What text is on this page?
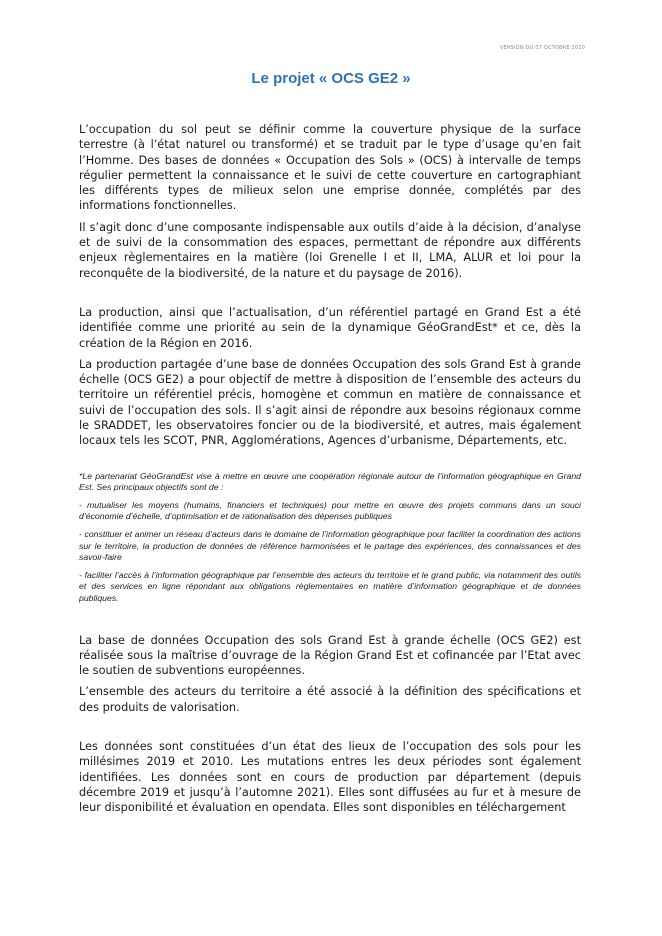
VERSION DU 07 OCTOBRE 2020
Le projet « OCS GE2 »

L’occupation du sol peut se définir comme la couverture physique de la surface terrestre (à l’état naturel ou transformé) et se traduit par le type d’usage qu’en fait l’Homme. Des bases de données « Occupation des Sols » (OCS) à intervalle de temps régulier permettent la connaissance et le suivi de cette couverture en cartographiant les différents types de milieux selon une emprise donnée, complétés par des informations fonctionnelles.

Il s’agit donc d’une composante indispensable aux outils d’aide à la décision, d’analyse et de suivi de la consommation des espaces, permettant de répondre aux différents enjeux règlementaires en la matière (loi Grenelle I et II, LMA, ALUR et loi pour la reconquête de la biodiversité, de la nature et du paysage de 2016).

La production, ainsi que l’actualisation, d’un référentiel partagé en Grand Est a été identifiée comme une priorité au sein de la dynamique GéoGrandEst* et ce, dès la création de la Région en 2016.

La production partagée d’une base de données Occupation des sols Grand Est à grande échelle (OCS GE2) a pour objectif de mettre à disposition de l’ensemble des acteurs du territoire un référentiel précis, homogène et commun en matière de connaissance et suivi de l’occupation des sols. Il s’agit ainsi de répondre aux besoins régionaux comme le SRADDET, les observatoires foncier ou de la biodiversité, et autres, mais également locaux tels les SCOT, PNR, Agglomérations, Agences d’urbanisme, Départements, etc.

*Le partenariat GéoGrandEst vise à mettre en œuvre une coopération régionale autour de l’information géographique en Grand Est. Ses principaux objectifs sont de :

- mutualiser les moyens (humains, financiers et techniques) pour mettre en œuvre des projets communs dans un souci d’économie d’échelle, d’optimisation et de rationalisation des dépenses publiques

- constituer et animer un réseau d’acteurs dans le domaine de l’information géographique pour faciliter la coordination des actions sur le territoire, la production de données de référence harmonisées et le partage des expériences, des connaissances et des savoir-faire

- faciliter l’accès à l’information géographique par l’ensemble des acteurs du territoire et le grand public, via notamment des outils et des services en ligne répondant aux obligations règlementaires en matière d’information géographique et de données publiques.

La base de données Occupation des sols Grand Est à grande échelle (OCS GE2) est réalisée sous la maîtrise d’ouvrage de la Région Grand Est et cofinancée par l’Etat avec le soutien de subventions européennes.

L’ensemble des acteurs du territoire a été associé à la définition des spécifications et des produits de valorisation.

Les données sont constituées d’un état des lieux de l’occupation des sols pour les millésimes 2019 et 2010. Les mutations entres les deux périodes sont également identifiées. Les données sont en cours de production par département (depuis décembre 2019 et jusqu’à l’automne 2021). Elles sont diffusées au fur et à mesure de leur disponibilité et évaluation en opendata. Elles sont disponibles en téléchargement
